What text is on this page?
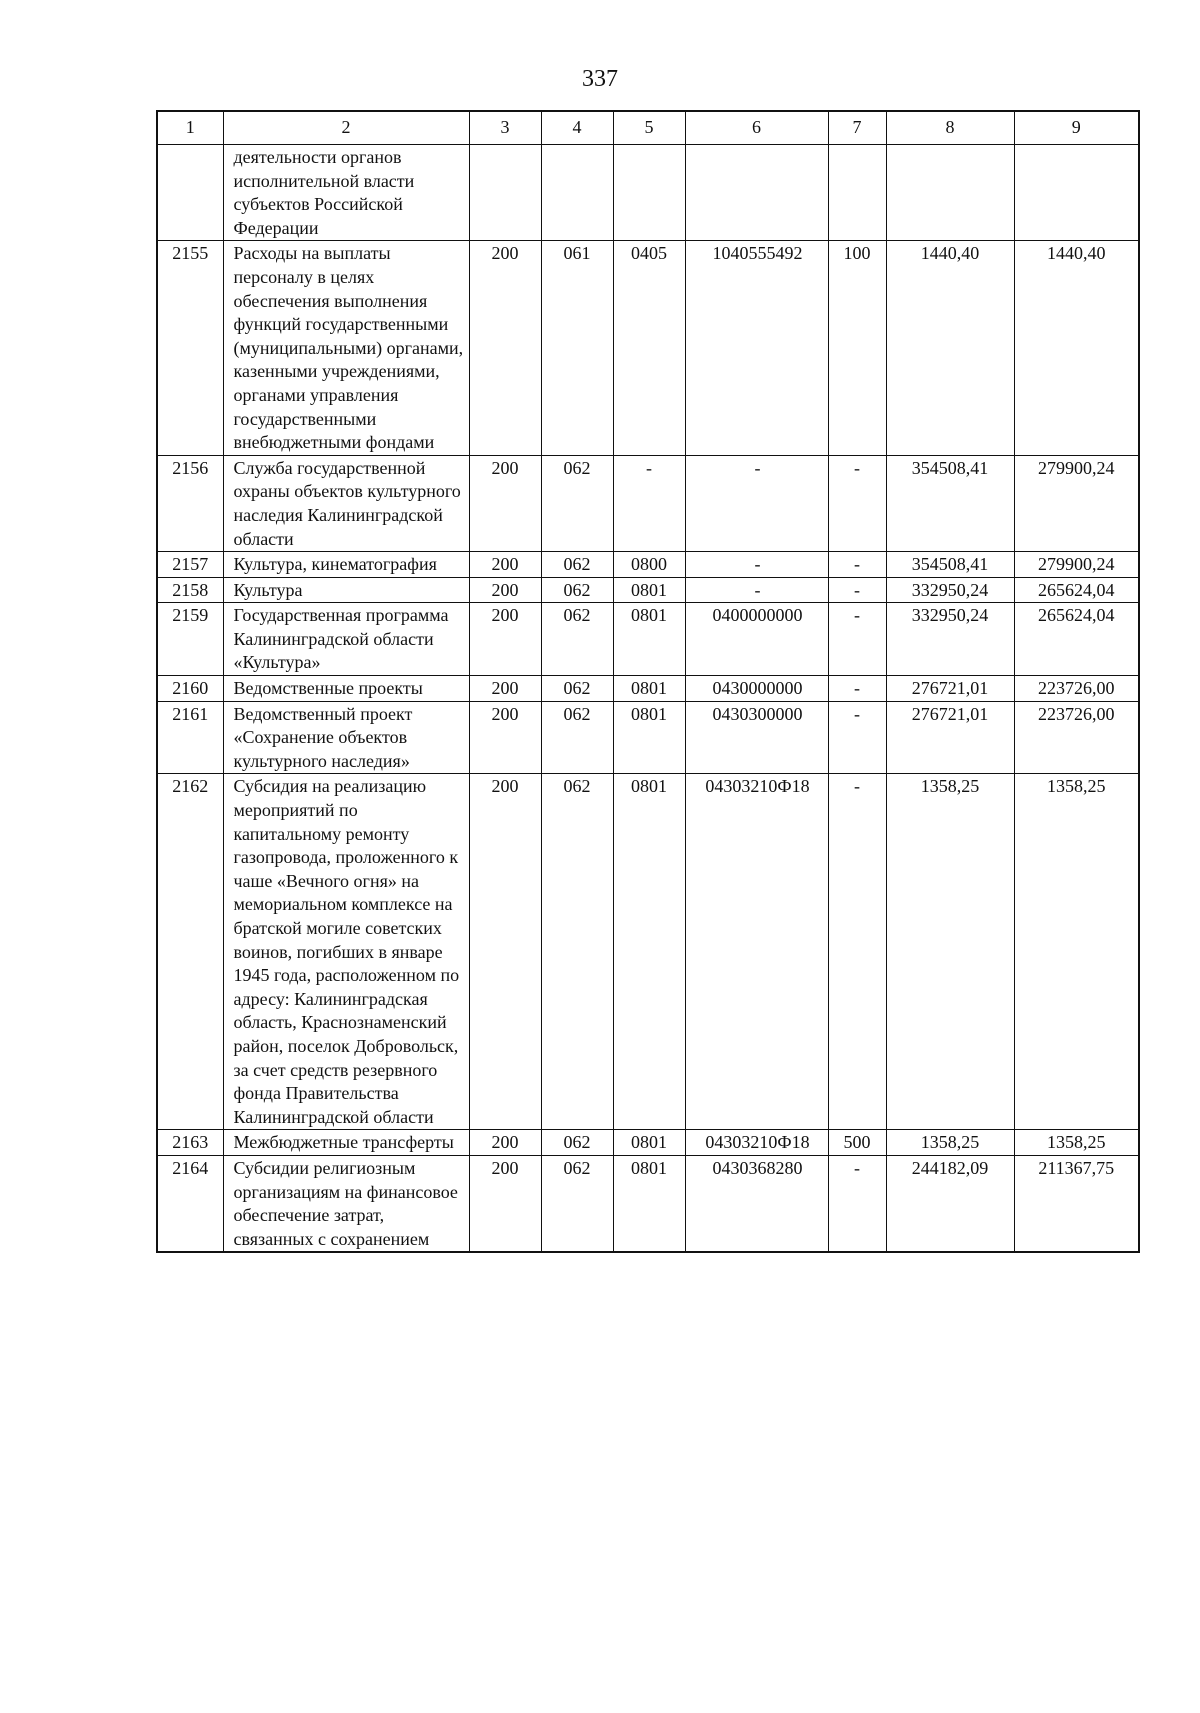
337
1	2	3	4	5	6	7	8	9
	деятельности органов исполнительной власти субъектов Российской Федерации							
2155	Расходы на выплаты персоналу в целях обеспечения выполнения функций государственными (муниципальными) органами, казенными учреждениями, органами управления государственными внебюджетными фондами	200	061	0405	1040555492	100	1440,40	1440,40
2156	Служба государственной охраны объектов культурного наследия Калининградской области	200	062	-	-	-	354508,41	279900,24
2157	Культура, кинематография	200	062	0800	-	-	354508,41	279900,24
2158	Культура	200	062	0801	-	-	332950,24	265624,04
2159	Государственная программа Калининградской области «Культура»	200	062	0801	0400000000	-	332950,24	265624,04
2160	Ведомственные проекты	200	062	0801	0430000000	-	276721,01	223726,00
2161	Ведомственный проект «Сохранение объектов культурного наследия»	200	062	0801	0430300000	-	276721,01	223726,00
2162	Субсидия на реализацию мероприятий по капитальному ремонту газопровода, проложенного к чаше «Вечного огня» на мемориальном комплексе на братской могиле советских воинов, погибших в январе 1945 года, расположенном по адресу: Калининградская область, Краснознаменский район, поселок Добровольск, за счет средств резервного фонда Правительства Калининградской области	200	062	0801	04303210Ф18	-	1358,25	1358,25
2163	Межбюджетные трансферты	200	062	0801	04303210Ф18	500	1358,25	1358,25
2164	Субсидии религиозным организациям на финансовое обеспечение затрат, связанных с сохранением	200	062	0801	0430368280	-	244182,09	211367,75
